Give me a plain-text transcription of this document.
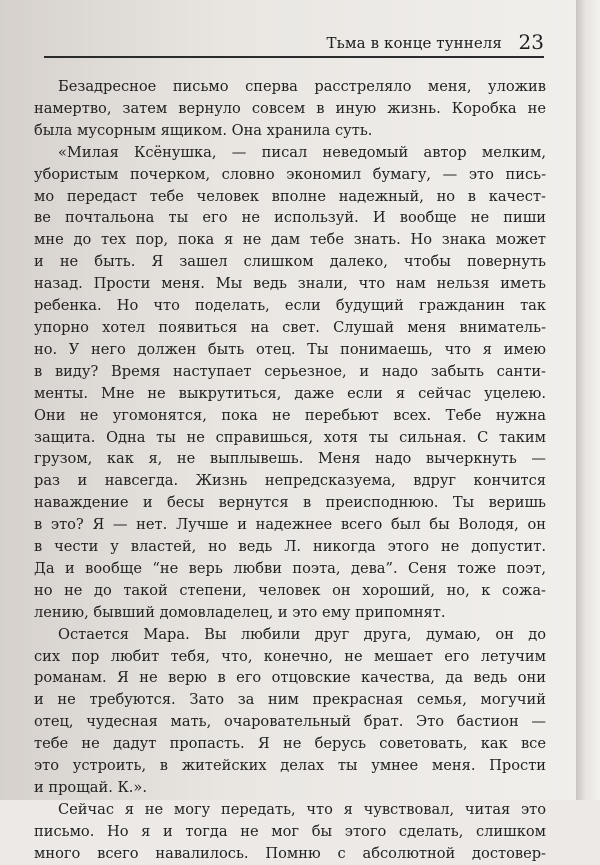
Тьма в конце туннеля 23
Безадресное письмо сперва расстреляло меня, уложив
намертво, затем вернуло совсем в иную жизнь. Коробка не
была мусорным ящиком. Она хранила суть.
«Милая Ксёнушка, — писал неведомый автор мелким,
убористым почерком, словно экономил бумагу, — это пись-
мо передаст тебе человек вполне надежный, но в качест-
ве почтальона ты его не используй. И вообще не пиши
мне до тех пор, пока я не дам тебе знать. Но знака может
и не быть. Я зашел слишком далеко, чтобы повернуть
назад. Прости меня. Мы ведь знали, что нам нельзя иметь
ребенка. Но что поделать, если будущий гражданин так
упорно хотел появиться на свет. Слушай меня вниматель-
но. У него должен быть отец. Ты понимаешь, что я имею
в виду? Время наступает серьезное, и надо забыть санти-
менты. Мне не выкрутиться, даже если я сейчас уцелею.
Они не угомонятся, пока не перебьют всех. Тебе нужна
защита. Одна ты не справишься, хотя ты сильная. С таким
грузом, как я, не выплывешь. Меня надо вычеркнуть —
раз и навсегда. Жизнь непредсказуема, вдруг кончится
наваждение и бесы вернутся в преисподнюю. Ты веришь
в это? Я — нет. Лучше и надежнее всего был бы Володя, он
в чести у властей, но ведь Л. никогда этого не допустит.
Да и вообще “не верь любви поэта, дева”. Сеня тоже поэт,
но не до такой степени, человек он хороший, но, к сожа-
лению, бывший домовладелец, и это ему припомнят.
Остается Мара. Вы любили друг друга, думаю, он до
сих пор любит тебя, что, конечно, не мешает его летучим
романам. Я не верю в его отцовские качества, да ведь они
и не требуются. Зато за ним прекрасная семья, могучий
отец, чудесная мать, очаровательный брат. Это бастион —
тебе не дадут пропасть. Я не берусь советовать, как все
это устроить, в житейских делах ты умнее меня. Прости
и прощай. К.».
Сейчас я не могу передать, что я чувствовал, читая это
письмо. Но я и тогда не мог бы этого сделать, слишком
много всего навалилось. Помню с абсолютной достовер-
